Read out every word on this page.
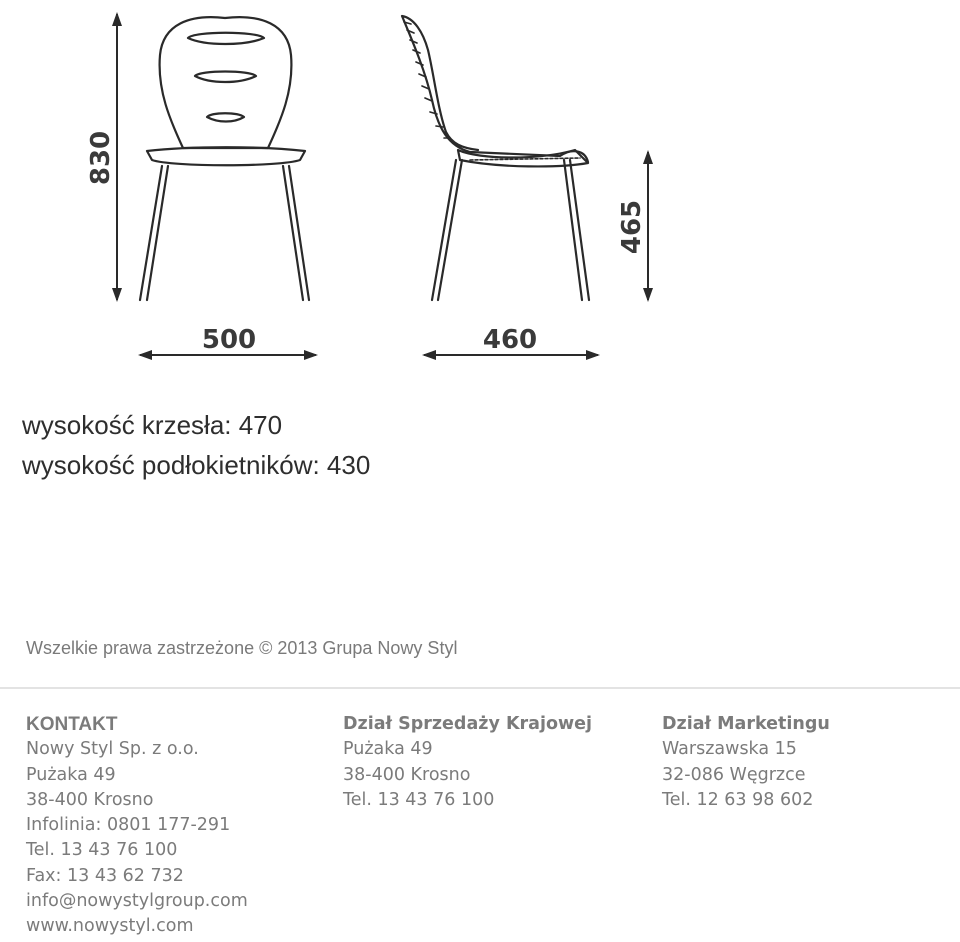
830
500	460
465
wysokość krzesła: 470
wysokość podłokietników: 430
Wszelkie prawa zastrzeżone © 2013 Grupa Nowy Styl
KONTAKT
Nowy Styl Sp. z o.o.
Pużaka 49
38-400 Krosno
Infolinia: 0801 177-291
Tel. 13 43 76 100
Fax: 13 43 62 732
info@nowystylgroup.com
www.nowystyl.com
Dział Sprzedaży Krajowej
Pużaka 49
38-400 Krosno
Tel. 13 43 76 100
Dział Marketingu
Warszawska 15
32-086 Węgrzce
Tel. 12 63 98 602
